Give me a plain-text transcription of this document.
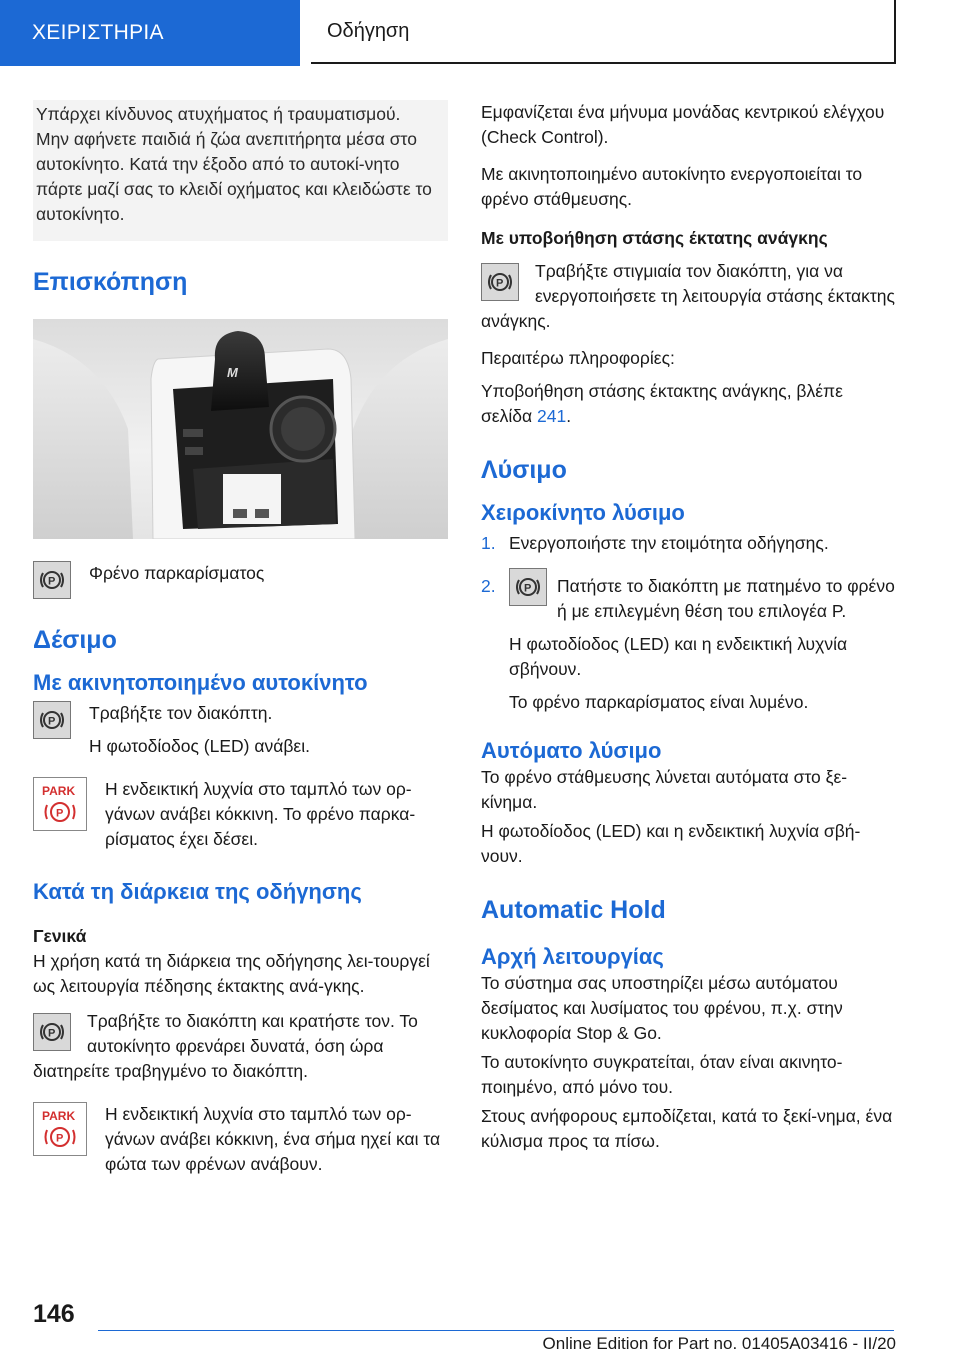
ΧΕΙΡΙΣΤΗΡΙΑ	Οδήγηση

Υπάρχει κίνδυνος ατυχήματος ή τραυματισμού. Μην αφήνετε παιδιά ή ζώα ανεπιτήρητα μέσα στο αυτοκίνητο. Κατά την έξοδο από το αυτοκί-νητο πάρτε μαζί σας το κλειδί οχήματος και κλειδώστε το αυτοκίνητο.

Επισκόπηση
M
P Φρένο παρκαρίσματος

Δέσιμο
Με ακινητοποιημένο αυτοκίνητο
P Τραβήξτε τον διακόπτη.

Η φωτοδίοδος (LED) ανάβει.

PARK
P

Η ενδεικτική λυχνία στο ταμπλό των ορ-γάνων ανάβει κόκκινη. Το φρένο παρκα-ρίσματος έχει δέσει.

Κατά τη διάρκεια της οδήγησης
Γενικά

Η χρήση κατά τη διάρκεια της οδήγησης λει-τουργεί ως λειτουργία πέδησης έκτακτης ανά-γκης.

P

Τραβήξτε το διακόπτη και κρατήστε τον. Το αυτοκίνητο φρενάρει δυνατά, όση ώρα διατηρείτε τραβηγμένο το διακόπτη.

PARK
P

Η ενδεικτική λυχνία στο ταμπλό των ορ-γάνων ανάβει κόκκινη, ένα σήμα ηχεί και τα φώτα των φρένων ανάβουν.

Εμφανίζεται ένα μήνυμα μονάδας κεντρικού ελέγχου (Check Control).

Με ακινητοποιημένο αυτοκίνητο ενεργοποιείται το φρένο στάθμευσης.

Με υποβοήθηση στάσης έκτατης ανάγκης
P

Τραβήξτε στιγμιαία τον διακόπτη, για να ενεργοποιήσετε τη λειτουργία στάσης έκτακτης ανάγκης.

Περαιτέρω πληροφορίες:

Υποβοήθηση στάσης έκτακτης ανάγκης, βλέπε σελίδα 241.

Λύσιμο
Χειροκίνητο λύσιμο
1. Ενεργοποιήστε την ετοιμότητα οδήγησης.
2.	P	Πατήστε το διακόπτη με πατημένο το φρένο ή με επιλεγμένη θέση του επιλογέα P.

Η φωτοδίοδος (LED) και η ενδεικτική λυχνία σβήνουν.

Το φρένο παρκαρίσματος είναι λυμένο.

Αυτόματο λύσιμο

Το φρένο στάθμευσης λύνεται αυτόματα στο ξε-κίνημα.

Η φωτοδίοδος (LED) και η ενδεικτική λυχνία σβή-νουν.

Automatic Hold
Αρχή λειτουργίας

Το σύστημα σας υποστηρίζει μέσω αυτόματου δεσίματος και λυσίματος του φρένου, π.χ. στην κυκλοφορία Stop & Go.

Το αυτοκίνητο συγκρατείται, όταν είναι ακινητο-ποιημένο, από μόνο του.

Στους ανήφορους εμποδίζεται, κατά το ξεκί-νημα, ένα κύλισμα προς τα πίσω.

146
Online Edition for Part no. 01405A03416 - II/20
